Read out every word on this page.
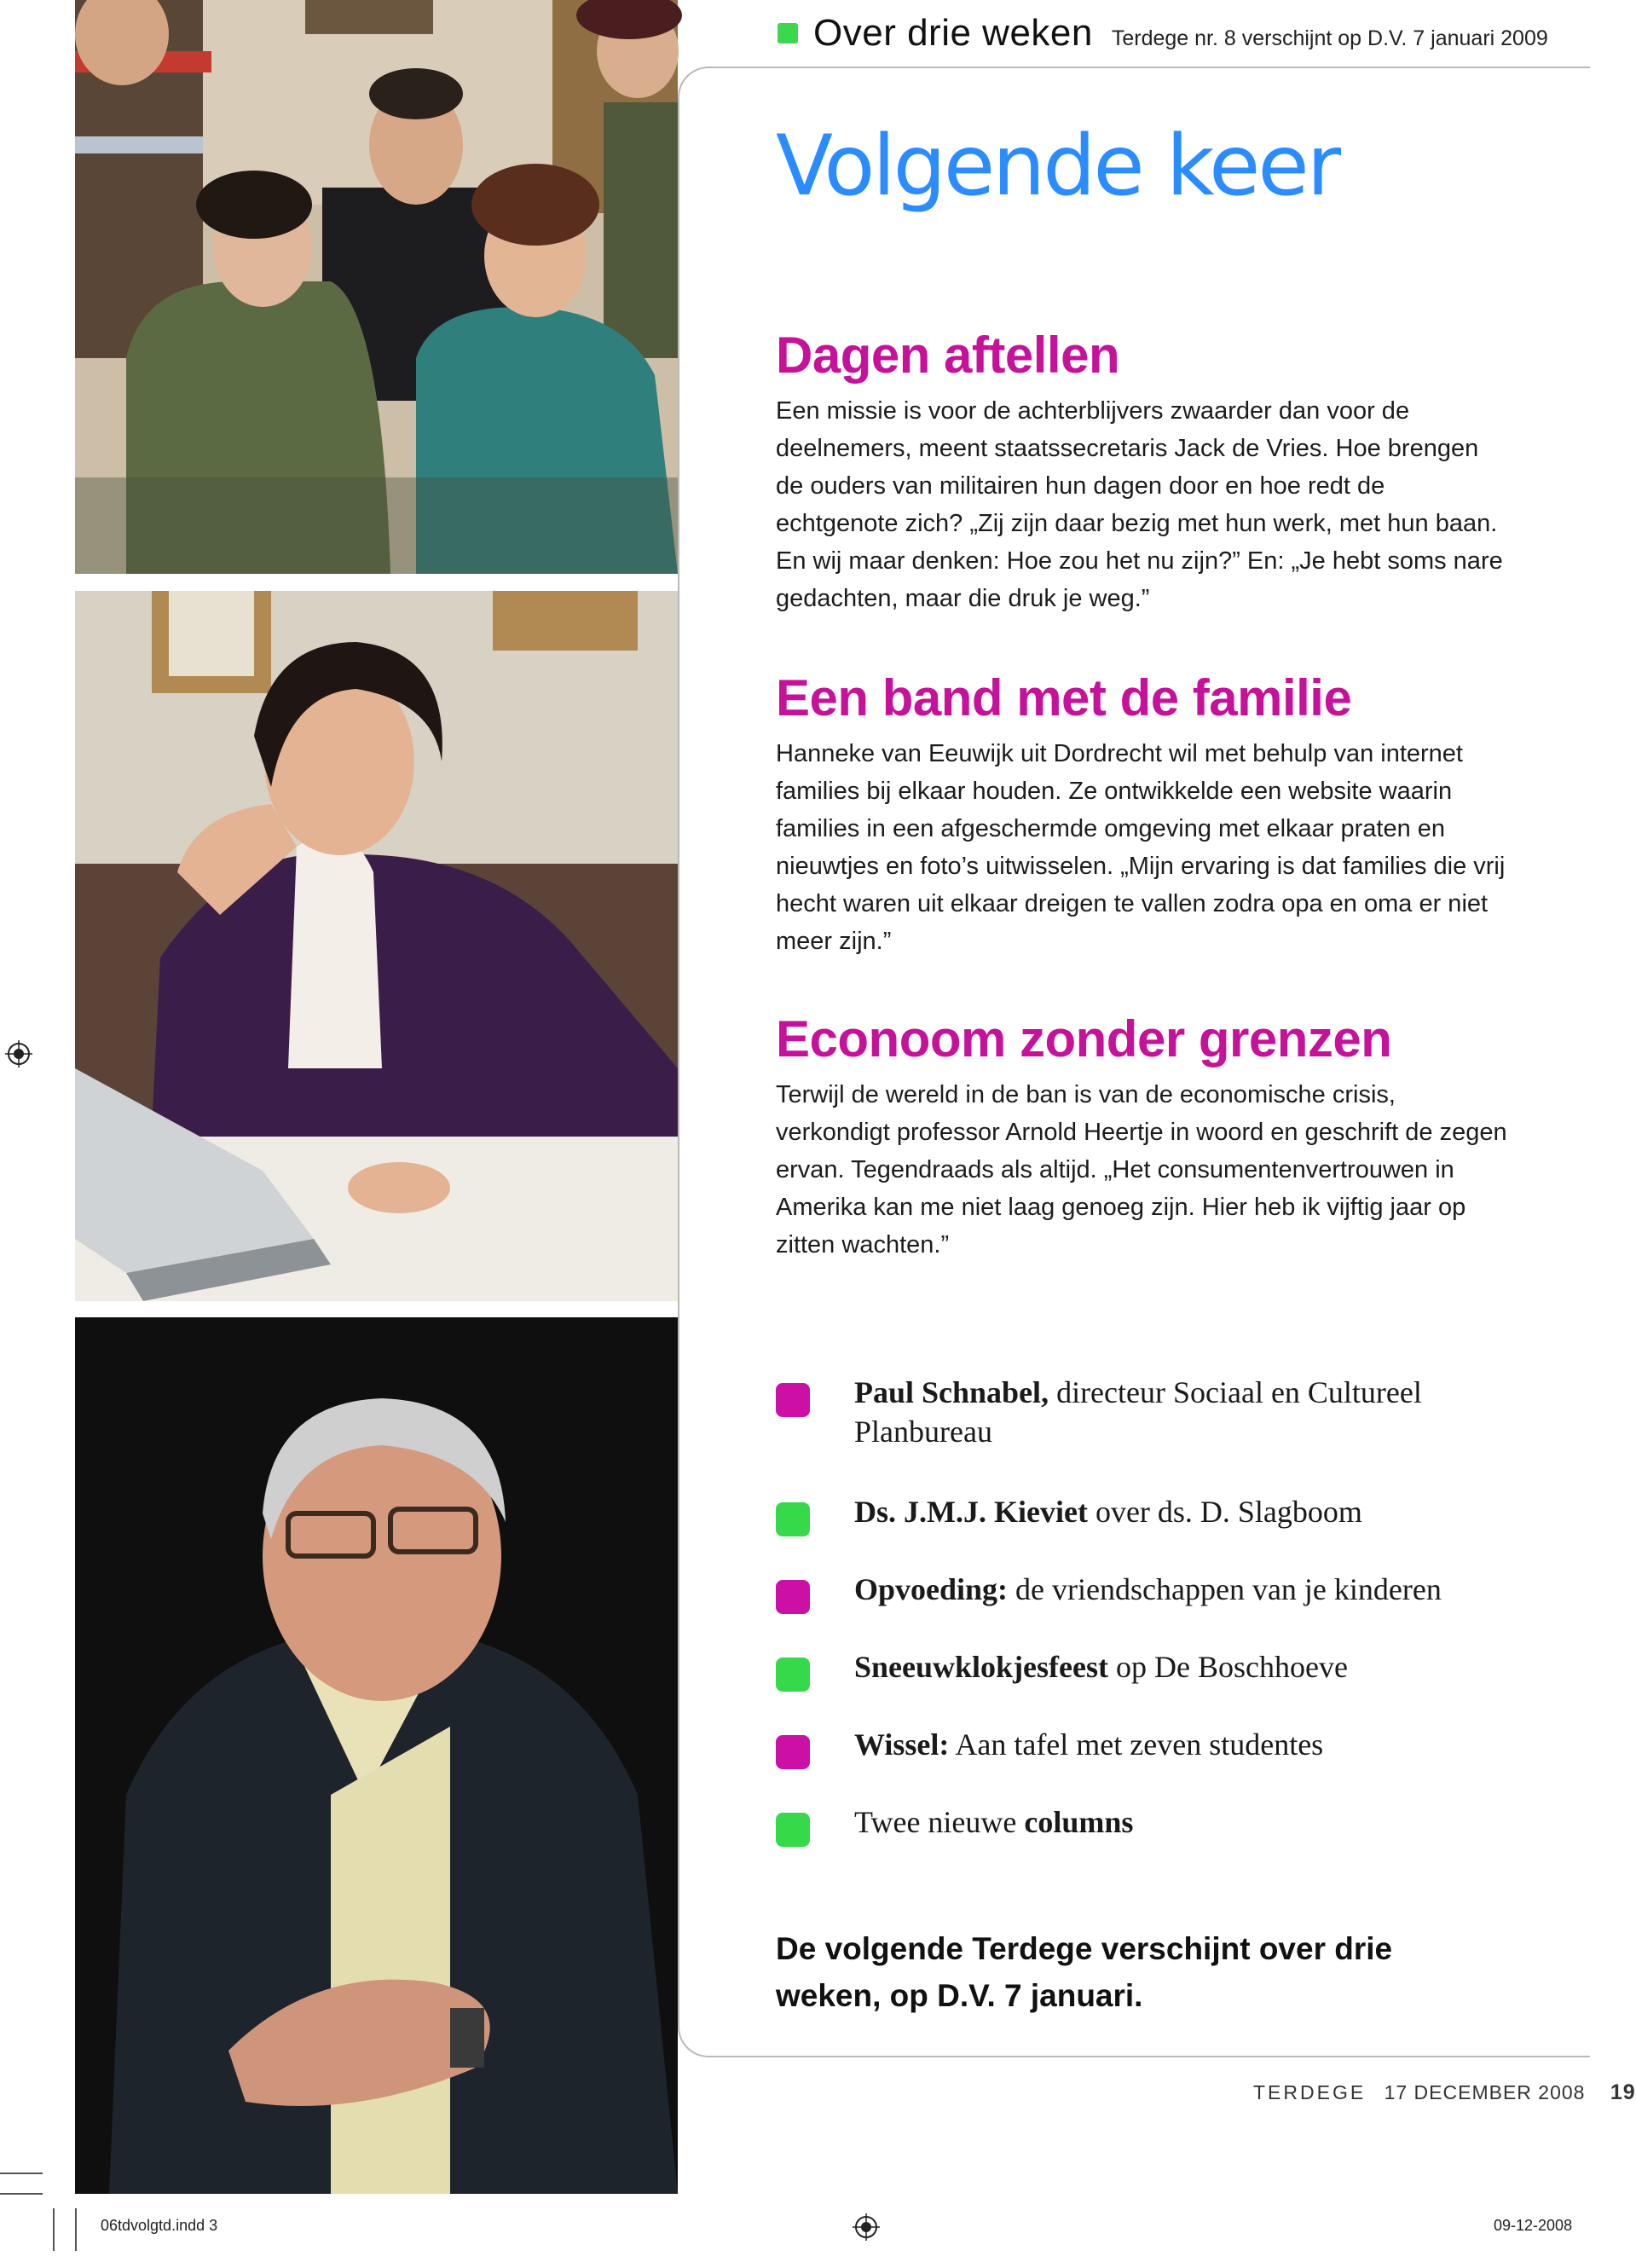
Over drie weken Terdege nr. 8 verschijnt op D.V. 7 januari 2009
Volgende keer
Dagen aftellen

Een missie is voor de achterblijvers zwaarder dan voor de deelnemers, meent staatssecretaris Jack de Vries. Hoe brengen de ouders van militairen hun dagen door en hoe redt de echtgenote zich? „Zij zijn daar bezig met hun werk, met hun baan. En wij maar denken: Hoe zou het nu zijn?” En: „Je hebt soms nare gedachten, maar die druk je weg.”

Een band met de familie

Hanneke van Eeuwijk uit Dordrecht wil met behulp van internet families bij elkaar houden. Ze ontwikkelde een website waarin families in een afgeschermde omgeving met elkaar praten en nieuwtjes en foto’s uitwisselen. „Mijn ervaring is dat families die vrij hecht waren uit elkaar dreigen te vallen zodra opa en oma er niet meer zijn.”

Econoom zonder grenzen

Terwijl de wereld in de ban is van de economische crisis, verkondigt professor Arnold Heertje in woord en geschrift de zegen ervan. Tegendraads als altijd. „Het consumentenvertrouwen in Amerika kan me niet laag genoeg zijn. Hier heb ik vijftig jaar op zitten wachten.”

Paul Schnabel, directeur Sociaal en Cultureel Planbureau
Ds. J.M.J. Kieviet over ds. D. Slagboom
Opvoeding: de vriendschappen van je kinderen
Sneeuwklokjesfeest op De Boschhoeve
Wissel: Aan tafel met zeven studentes
Twee nieuwe columns

De volgende Terdege verschijnt over drie weken, op D.V. 7 januari.

TERDEGE 17 DECEMBER 2008 19
06tdvolgtd.indd 3	09-12-2008
